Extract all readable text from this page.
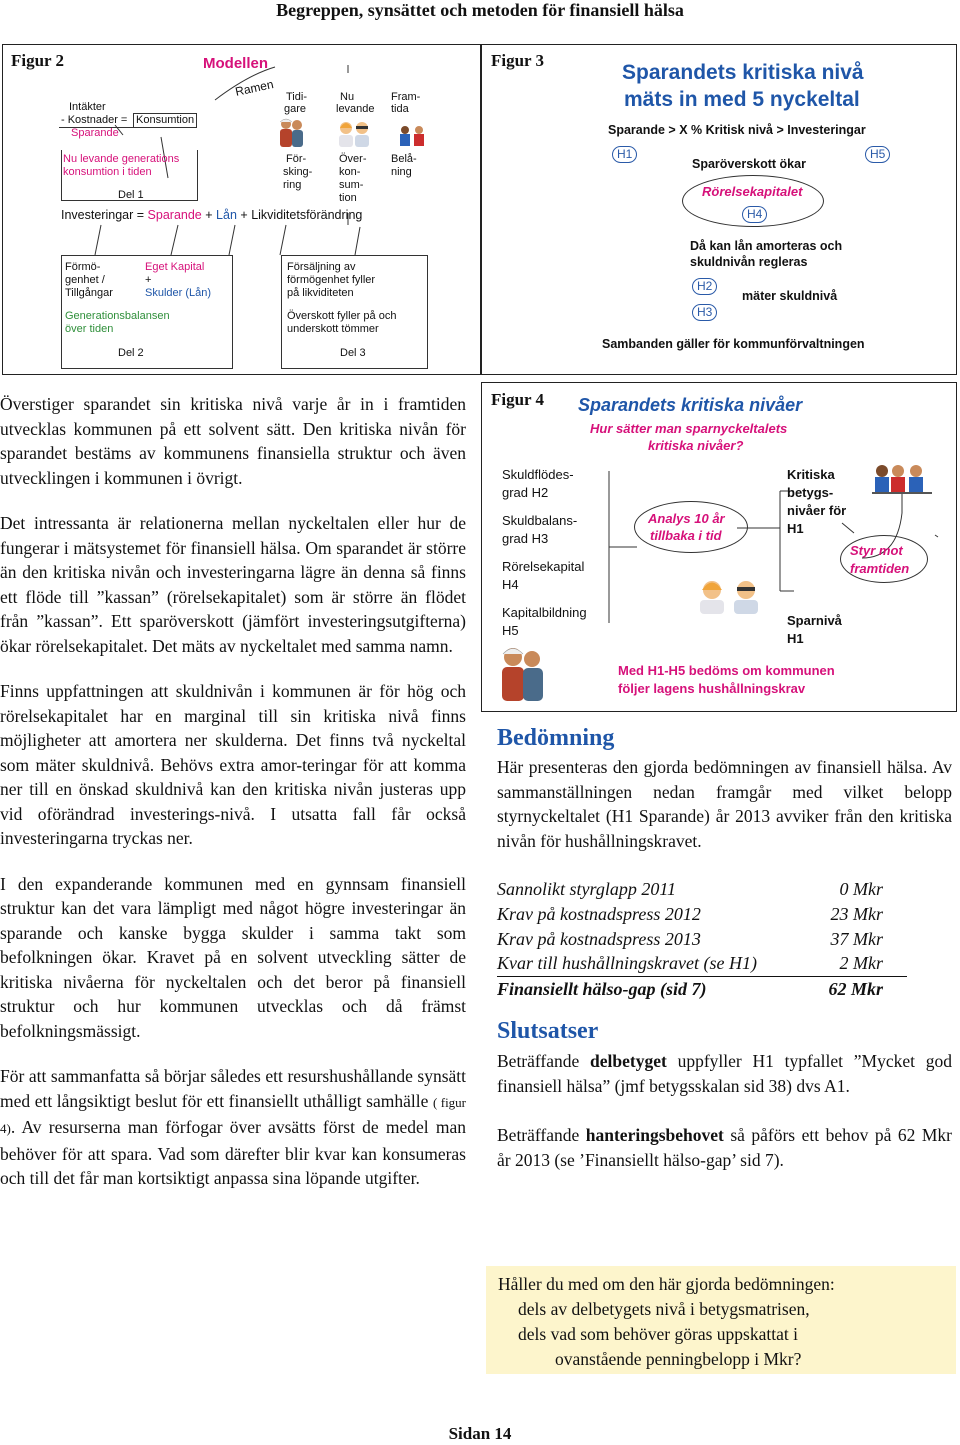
Begreppen, synsättet och metoden för finansiell hälsa
Figur 2	Modellen
Ramen
Intäkter
- Kostnader = Konsumtion
Sparande
Nu levande generations
konsumtion i tiden
Del 1
Tidi-
gare
Nu
levande
Fram-
tida
För-
sking-
ring
Över-
kon-
sum-
tion
Belå-
ning
Investeringar = Sparande + Lån + Likviditetsförändring
Förmö-
genhet /
Tillgångar
Eget Kapital
+
Skulder (Lån)
Generationsbalansen
över tiden
Del 2
Försäljning av
förmögenhet fyller
på likviditeten
Överskott fyller på och
underskott tömmer
Del 3
Figur 3
Sparandets kritiska nivå
mäts in med 5 nyckeltal
Sparande > X % Kritisk nivå > Investeringar
H1	H5
Sparöverskott ökar
Rörelsekapitalet
H4
Då kan lån amorteras och
skuldnivån regleras
H2
H3
mäter skuldnivå
Sambanden gäller för kommunförvaltningen

Överstiger sparandet sin kritiska nivå varje år in i framtiden utvecklas kommunen på ett solvent sätt. Den kritiska nivån för sparandet bestäms av kommunens finansiella struktur och även utvecklingen i kommunen i övrigt.

Det intressanta är relationerna mellan nyckeltalen eller hur de fungerar i mätsystemet för finansiell hälsa. Om sparandet är större än den kritiska nivån och investeringarna lägre än denna så finns ett flöde till ”kassan” (rörelsekapitalet) som är större än flödet från ”kassan”. Ett sparöverskott (jämfört investeringsutgifterna) ökar rörelsekapitalet. Det mäts av nyckeltalet med samma namn.

Finns uppfattningen att skuldnivån i kommunen är för hög och rörelsekapitalet har en marginal till sin kritiska nivå finns möjligheter att amortera ner skulderna. Det finns två nyckeltal som mäter skuldnivå. Behövs extra amor-teringar för att komma ner till en önskad skuldnivå kan den kritiska nivån justeras upp vid oförändrad investerings-nivå. I utsatta fall får också investeringarna tryckas ner.

I den expanderande kommunen med en gynnsam finansiell struktur kan det vara lämpligt med något högre investeringar än sparande och kanske bygga skulder i samma takt som befolkningen ökar. Kravet på en solvent utveckling sätter de kritiska nivåerna för nyckeltalen och det beror på finansiell struktur och hur kommunen utvecklas och då främst befolkningsmässigt.

För att sammanfatta så börjar således ett resurshushållande synsätt med ett långsiktigt beslut för ett finansiellt uthålligt samhälle ( figur 4). Av resurserna man förfogar över avsätts först de medel man behöver för att spara. Vad som därefter blir kvar kan konsumeras och till det får man kortsiktigt anpassa sina löpande utgifter.

Figur 4 Sparandets kritiska nivåer
Hur sätter man sparnyckeltalets
kritiska nivåer?
Skuldflödes-
grad H2
Skuldbalans-
grad H3
Rörelsekapital
H4
Kapitalbildning
H5
Analys 10 år
tillbaka i tid
Kritiska
betygs-
nivåer för
H1
Styr mot
framtiden
Sparnivå
H1
Med H1-H5 bedöms om kommunen
följer lagens hushållningskrav
Bedömning
Här presenteras den gjorda bedömningen av finansiell hälsa. Av sammanställningen nedan framgår med vilket belopp styrnyckeltalet (H1 Sparande) år 2013 avviker från den kritiska nivån för hushållningskravet.
Sannolikt styrglapp 2011	0 Mkr
Krav på kostnadspress 2012	23 Mkr
Krav på kostnadspress 2013	37 Mkr
Kvar till hushållningskravet (se H1)	2 Mkr
Finansiellt hälso-gap (sid 7)	62 Mkr
Slutsatser
Beträffande delbetyget uppfyller H1 typfallet ”Mycket god finansiell hälsa” (jmf betygsskalan sid 38) dvs A1.
Beträffande hanteringsbehovet så påförs ett behov på 62 Mkr år 2013 (se ’Finansiellt hälso-gap’ sid 7).
Håller du med om den här gjorda bedömningen:
dels av delbetygets nivå i betygsmatrisen,
dels vad som behöver göras uppskattat i
ovanstående penningbelopp i Mkr?
Sidan 14
